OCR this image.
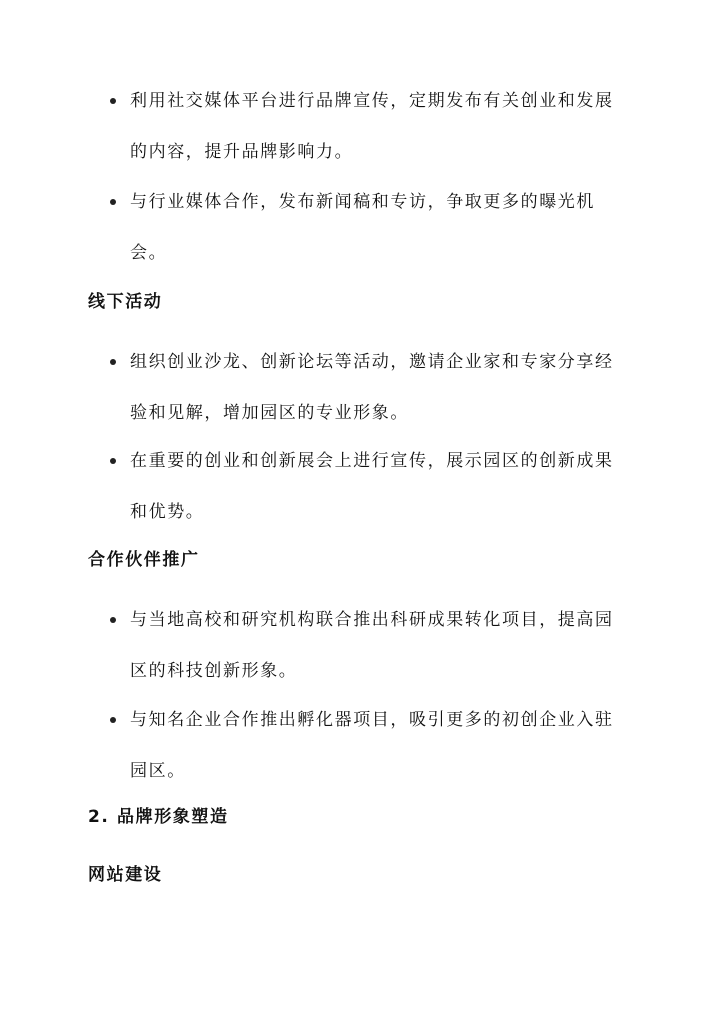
利用社交媒体平台进行品牌宣传，定期发布有关创业和发展的内容，提升品牌影响力。
与行业媒体合作，发布新闻稿和专访，争取更多的曝光机会。
线下活动
组织创业沙龙、创新论坛等活动，邀请企业家和专家分享经验和见解，增加园区的专业形象。
在重要的创业和创新展会上进行宣传，展示园区的创新成果和优势。
合作伙伴推广
与当地高校和研究机构联合推出科研成果转化项目，提高园区的科技创新形象。
与知名企业合作推出孵化器项目，吸引更多的初创企业入驻园区。
2. 品牌形象塑造
网站建设
